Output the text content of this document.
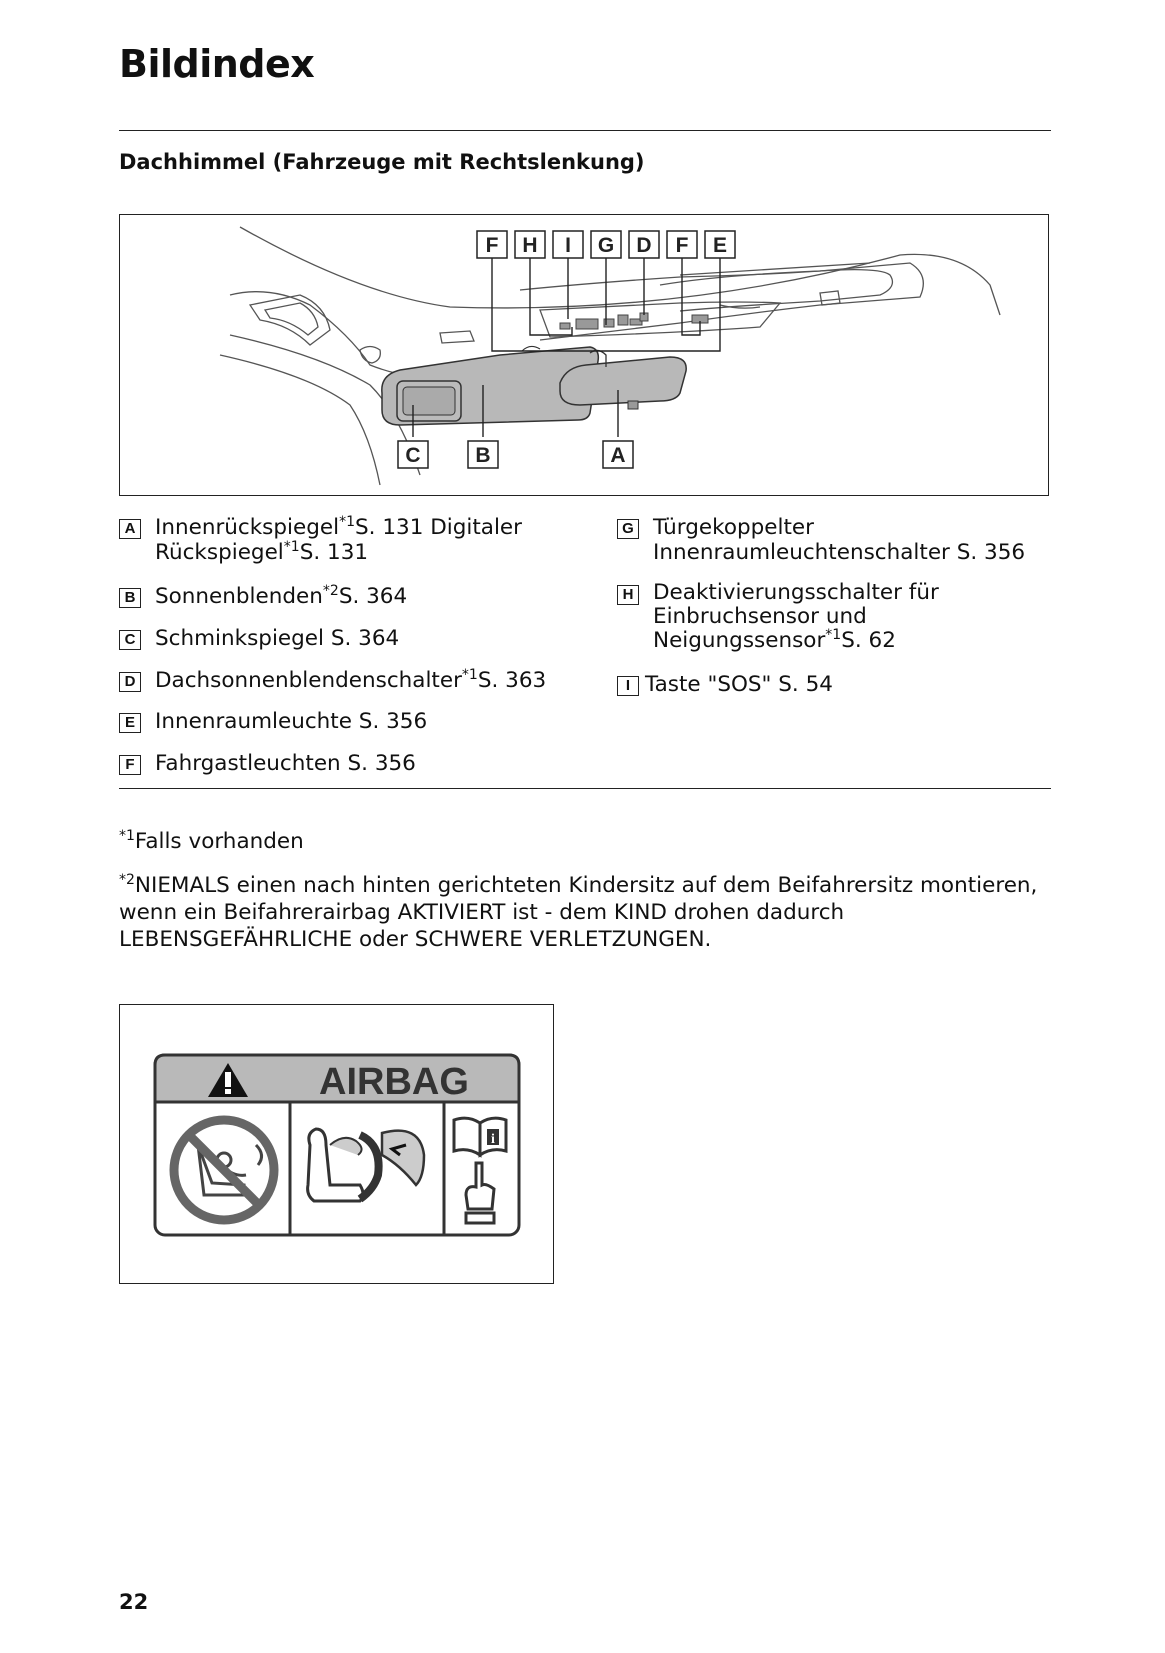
Bildindex
Dachhimmel (Fahrzeuge mit Rechtslenkung)
F H I G D F E
C	B	A
A Innenrückspiegel$^{*1}$S. 131 Digitaler
Rückspiegel$^{*1}$S. 131
B Sonnenblenden$^{*2}$S. 364
C Schminkspiegel S. 364
D Dachsonnenblendenschalter$^{*1}$S. 363
E Innenraumleuchte S. 356
F Fahrgastleuchten S. 356
G Türgekoppelter
Innenraumleuchtenschalter S. 356
H Deaktivierungsschalter für
Einbruchsensor und
Neigungssensor$^{*1}$S. 62
I Taste "SOS" S. 54
$^{*1}$Falls vorhanden
$^{*2}$NIEMALS einen nach hinten gerichteten Kindersitz auf dem Beifahrersitz montieren,
wenn ein Beifahrerairbag AKTIVIERT ist - dem KIND drohen dadurch
LEBENSGEFÄHRLICHE oder SCHWERE VERLETZUNGEN.
AIRBAG
i
22
